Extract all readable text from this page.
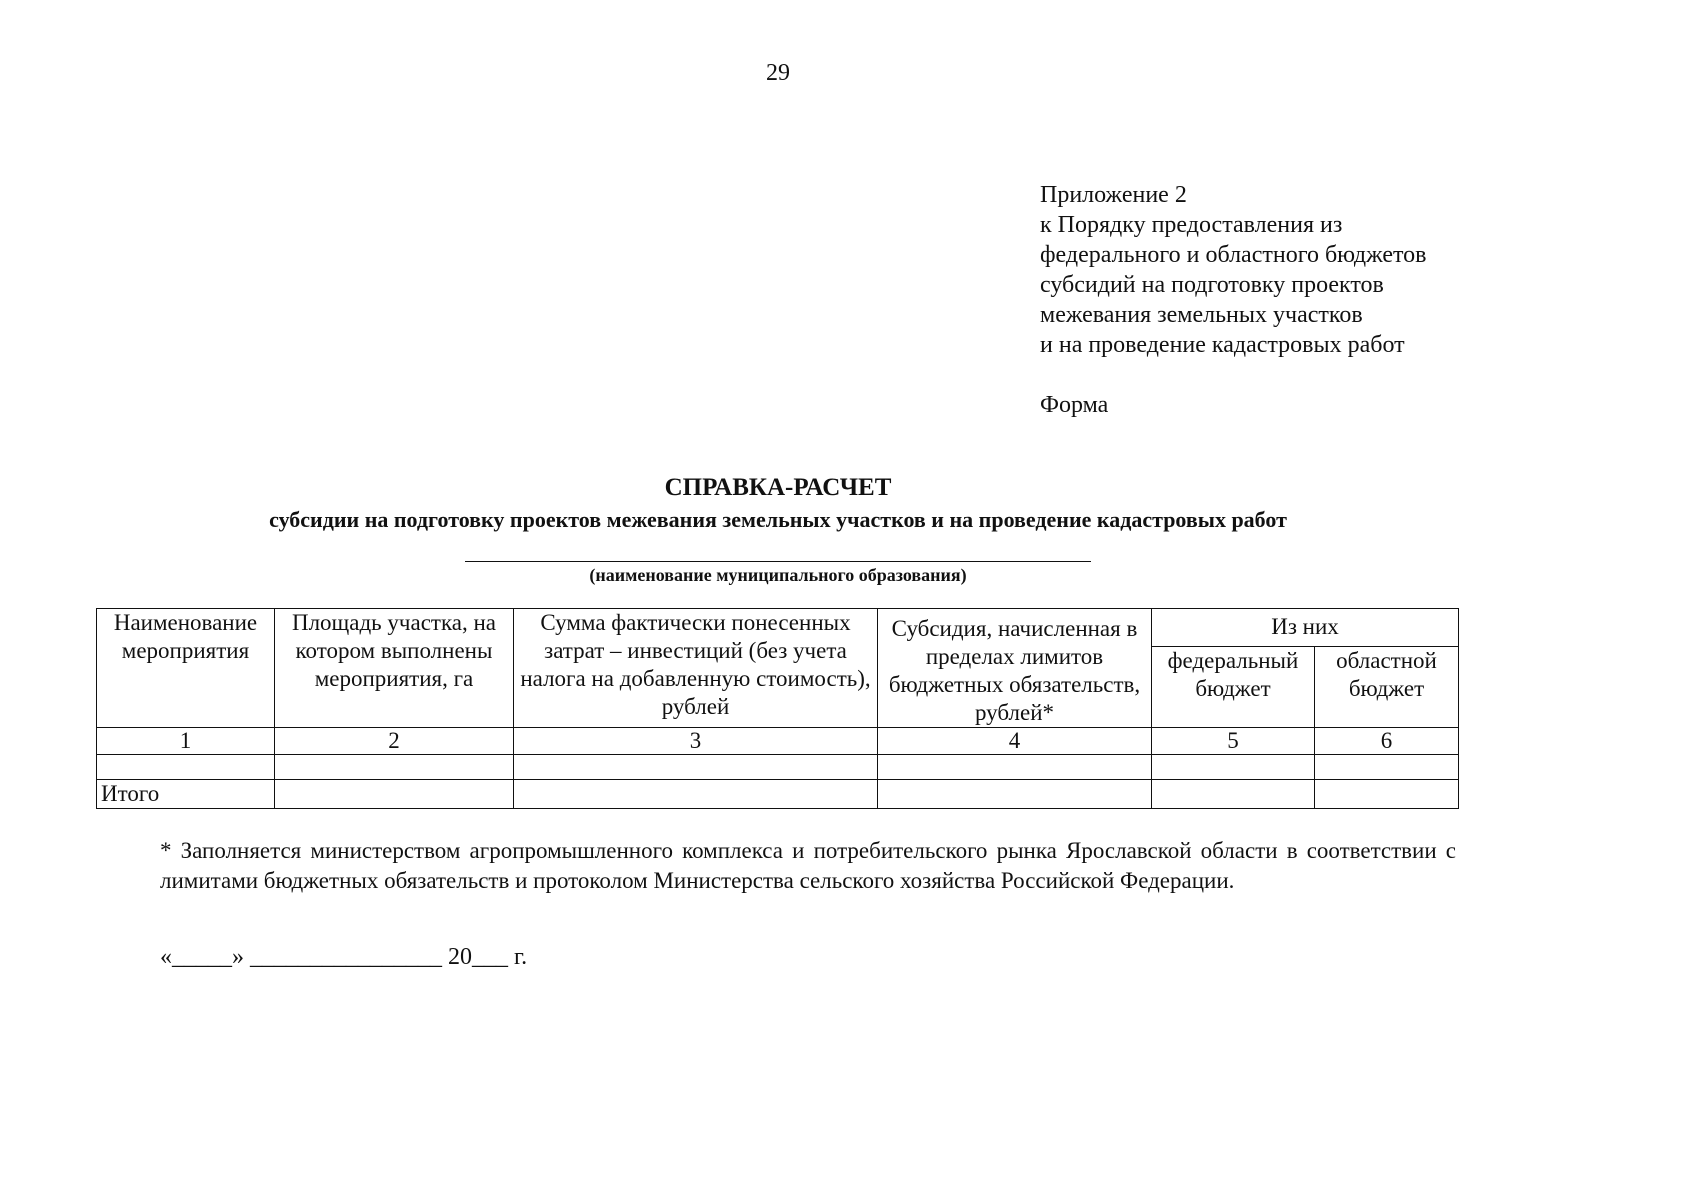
29
Приложение 2
к Порядку предоставления из
федерального и областного бюджетов
субсидий на подготовку проектов
межевания земельных участков
и на проведение кадастровых работ
Форма
СПРАВКА-РАСЧЕТ
субсидии на подготовку проектов межевания земельных участков и на проведение кадастровых работ
(наименование муниципального образования)
Наименование мероприятия	Площадь участка, на котором выполнены мероприятия, га	Сумма фактически понесенных затрат – инвестиций (без учета налога на добавленную стоимость), рублей	Субсидия, начисленная в пределах лимитов бюджетных обязательств, рублей*	Из них	
				федеральный бюджет	областной бюджет
1	2	3	4	5	6

Итого					
* Заполняется министерством агропромышленного комплекса и потребительского рынка Ярославской области в соответствии с лимитами бюджетных обязательств и протоколом Министерства сельского хозяйства Российской Федерации.
«_____» ________________ 20___ г.
